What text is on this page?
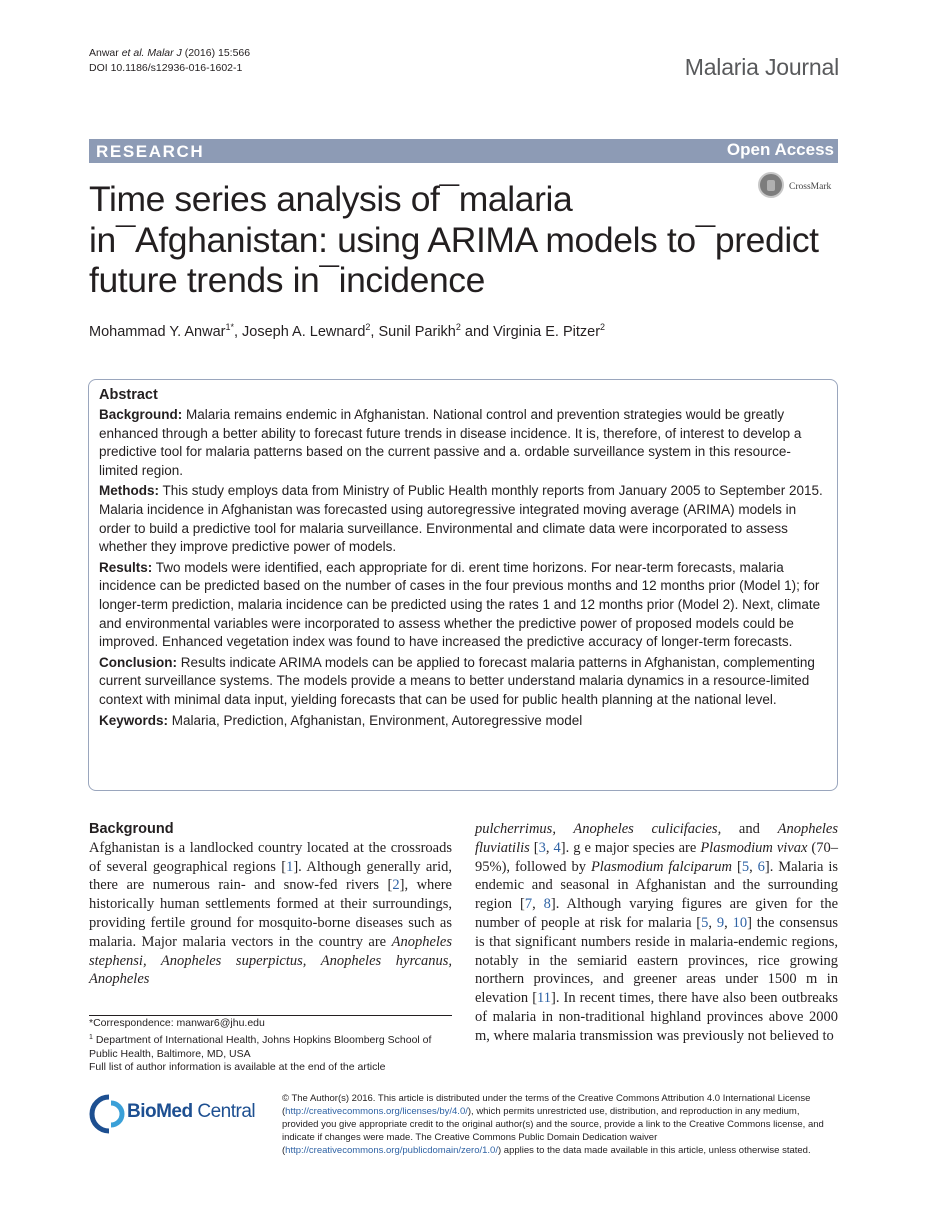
Anwar et al. Malar J (2016) 15:566
DOI 10.1186/s12936-016-1602-1	Malaria Journal
RESEARCH	Open Access
CrossMark
Time series analysis of¯malaria
in¯Afghanistan: using ARIMA models to¯predict
future trends in¯incidence
Mohammad Y. Anwar$^{1*}$, Joseph A. Lewnard$^2$, Sunil Parikh$^2$ and Virginia E. Pitzer$^2$
Abstract

Background: Malaria remains endemic in Afghanistan. National control and prevention strategies would be greatly enhanced through a better ability to forecast future trends in disease incidence. It is, therefore, of interest to develop a predictive tool for malaria patterns based on the current passive and a. ordable surveillance system in this resource-limited region.

Methods: This study employs data from Ministry of Public Health monthly reports from January 2005 to September 2015. Malaria incidence in Afghanistan was forecasted using autoregressive integrated moving average (ARIMA) models in order to build a predictive tool for malaria surveillance. Environmental and climate data were incorporated to assess whether they improve predictive power of models.

Results: Two models were identified, each appropriate for di. erent time horizons. For near-term forecasts, malaria incidence can be predicted based on the number of cases in the four previous months and 12 months prior (Model 1); for longer-term prediction, malaria incidence can be predicted using the rates 1 and 12 months prior (Model 2). Next, climate and environmental variables were incorporated to assess whether the predictive power of proposed models could be improved. Enhanced vegetation index was found to have increased the predictive accuracy of longer-term forecasts.

Conclusion: Results indicate ARIMA models can be applied to forecast malaria patterns in Afghanistan, complementing current surveillance systems. The models provide a means to better understand malaria dynamics in a resource-limited context with minimal data input, yielding forecasts that can be used for public health planning at the national level.

Keywords: Malaria, Prediction, Afghanistan, Environment, Autoregressive model

Background
Afghanistan is a landlocked country located at the crossroads of several geographical regions [1]. Although generally arid, there are numerous rain- and snow-fed rivers [2], where historically human settlements formed at their surroundings, providing fertile ground for mosquito-borne diseases such as malaria. Major malaria vectors in the country are Anopheles stephensi, Anopheles superpictus, Anopheles hyrcanus, Anopheles
pulcherrimus, Anopheles culicifacies, and Anopheles fluviatilis [3, 4]. g e major species are Plasmodium vivax (70–95%), followed by Plasmodium falciparum [5, 6]. Malaria is endemic and seasonal in Afghanistan and the surrounding region [7, 8]. Although varying figures are given for the number of people at risk for malaria [5, 9, 10] the consensus is that significant numbers reside in malaria-endemic regions, notably in the semiarid eastern provinces, rice growing northern provinces, and greener areas under 1500 m in elevation [11]. In recent times, there have also been outbreaks of malaria in non-traditional highland provinces above 2000 m, where malaria transmission was previously not believed to
*Correspondence: manwar6@jhu.edu
$^1$ Department of International Health, Johns Hopkins Bloomberg School of Public Health, Baltimore, MD, USA
Full list of author information is available at the end of the article
BioMed Central
© The Author(s) 2016. This article is distributed under the terms of the Creative Commons Attribution 4.0 International License (http://creativecommons.org/licenses/by/4.0/), which permits unrestricted use, distribution, and reproduction in any medium, provided you give appropriate credit to the original author(s) and the source, provide a link to the Creative Commons license, and indicate if changes were made. The Creative Commons Public Domain Dedication waiver (http://creativecommons.org/publicdomain/zero/1.0/) applies to the data made available in this article, unless otherwise stated.
